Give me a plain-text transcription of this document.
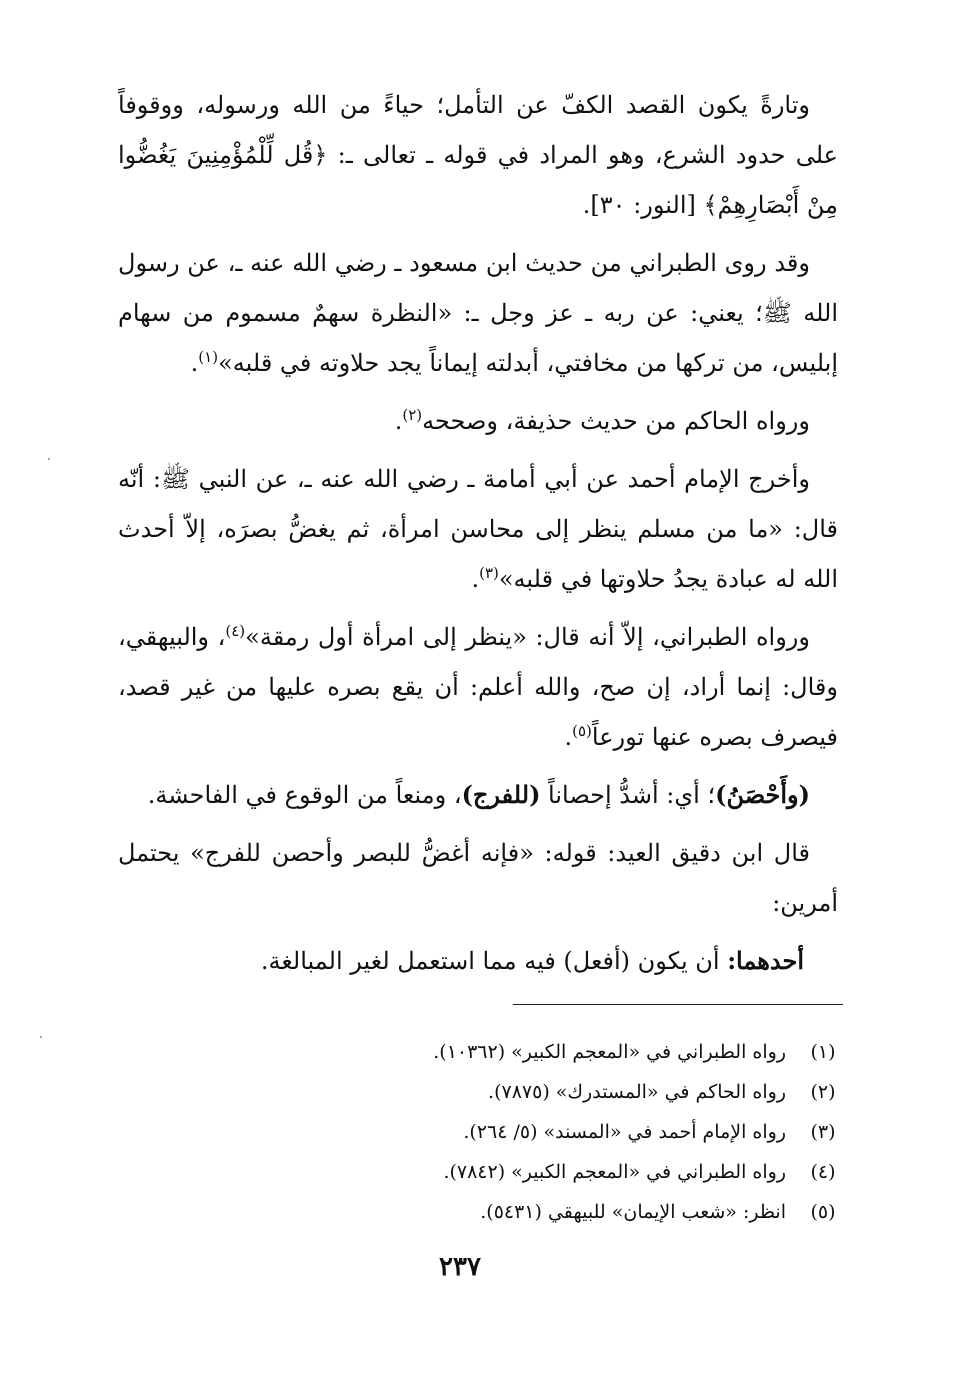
وتارةً يكون القصد الكفّ عن التأمل؛ حياءً من الله ورسوله، ووقوفاً على حدود الشرع، وهو المراد في قوله ـ تعالى ـ: ﴿قُل لِّلْمُؤْمِنِينَ يَغُضُّوا مِنْ أَبْصَارِهِمْ﴾ [النور: ٣٠].

وقد روى الطبراني من حديث ابن مسعود ـ رضي الله عنه ـ، عن رسول الله ﷺ؛ يعني: عن ربه ـ عز وجل ـ: «النظرة سهمٌ مسموم من سهام إبليس، من تركها من مخافتي، أبدلته إيماناً يجد حلاوته في قلبه»$^{(١)}$.

ورواه الحاكم من حديث حذيفة، وصححه$^{(٢)}$.

وأخرج الإمام أحمد عن أبي أمامة ـ رضي الله عنه ـ، عن النبي ﷺ: أنّه قال: «ما من مسلم ينظر إلى محاسن امرأة، ثم يغضُّ بصرَه، إلاّ أحدث الله له عبادة يجدُ حلاوتها في قلبه»$^{(٣)}$.

ورواه الطبراني، إلاّ أنه قال: «ينظر إلى امرأة أول رمقة»$^{(٤)}$، والبيهقي، وقال: إنما أراد، إن صح، والله أعلم: أن يقع بصره عليها من غير قصد، فيصرف بصره عنها تورعاً$^{(٥)}$.

(وأَحْصَنُ)؛ أي: أشدُّ إحصاناً (للفرج)، ومنعاً من الوقوع في الفاحشة.

قال ابن دقيق العيد: قوله: «فإنه أغضُّ للبصر وأحصن للفرج» يحتمل أمرين:

أحدهما: أن يكون (أفعل) فيه مما استعمل لغير المبالغة.

(١)
رواه الطبراني في «المعجم الكبير» (١٠٣٦٢).
(٢)
رواه الحاكم في «المستدرك» (٧٨٧٥).
(٣)
رواه الإمام أحمد في «المسند» (٥/ ٢٦٤).
(٤)
رواه الطبراني في «المعجم الكبير» (٧٨٤٢).
(٥)
انظر: «شعب الإيمان» للبيهقي (٥٤٣١).
٢٣٧
